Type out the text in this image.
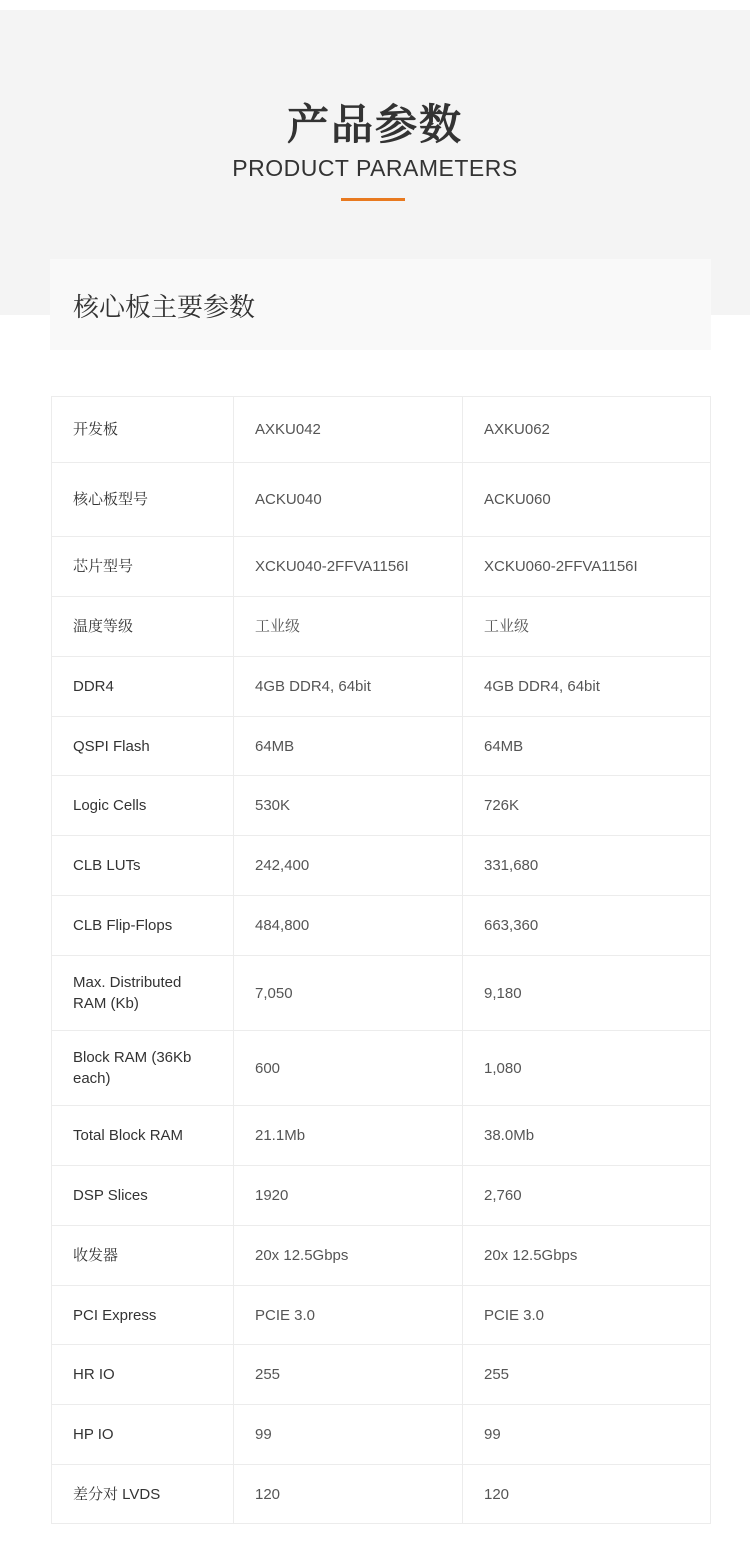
产品参数
PRODUCT PARAMETERS
核心板主要参数
开发板	AXKU042	AXKU062
核心板型号	ACKU040	ACKU060
芯片型号	XCKU040-2FFVA1156I	XCKU060-2FFVA1156I
温度等级	工业级	工业级
DDR4	4GB DDR4, 64bit	4GB DDR4, 64bit
QSPI Flash	64MB	64MB
Logic Cells	530K	726K
CLB LUTs	242,400	331,680
CLB Flip-Flops	484,800	663,360
Max. Distributed RAM (Kb)	7,050	9,180
Block RAM (36Kb each)	600	1,080
Total Block RAM	21.1Mb	38.0Mb
DSP Slices	1920	2,760
收发器	20x 12.5Gbps	20x 12.5Gbps
PCI Express	PCIE 3.0	PCIE 3.0
HR IO	255	255
HP IO	99	99
差分对 LVDS	120	120
